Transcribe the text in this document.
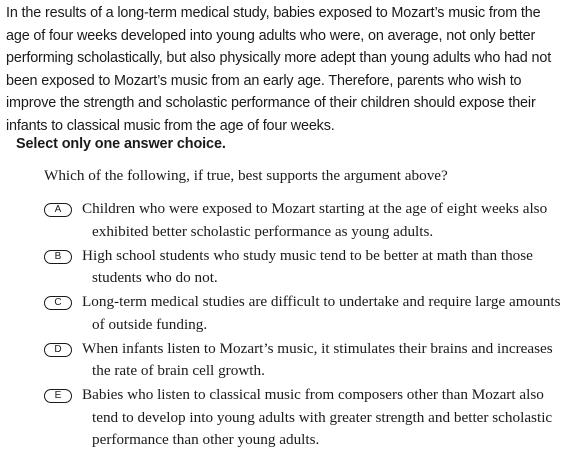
In the results of a long-term medical study, babies exposed to Mozart’s music from the age of four weeks developed into young adults who were, on average, not only better performing scholastically, but also physically more adept than young adults who had not been exposed to Mozart’s music from an early age. Therefore, parents who wish to improve the strength and scholastic performance of their children should expose their infants to classical music from the age of four weeks.

Select only one answer choice.

Which of the following, if true, best supports the argument above?

A	Children who were exposed to Mozart starting at the age of eight weeks also exhibited better scholastic performance as young adults.
B	High school students who study music tend to be better at math than those students who do not.
C	Long-term medical studies are difficult to undertake and require large amounts of outside funding.
D	When infants listen to Mozart’s music, it stimulates their brains and increases the rate of brain cell growth.
E	Babies who listen to classical music from composers other than Mozart also tend to develop into young adults with greater strength and better scholastic performance than other young adults.
